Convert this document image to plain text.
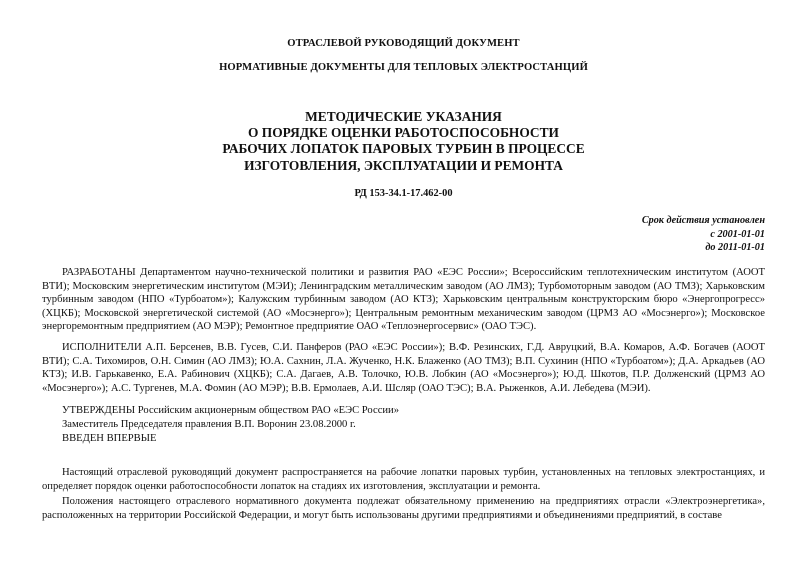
ОТРАСЛЕВОЙ РУКОВОДЯЩИЙ ДОКУМЕНТ
НОРМАТИВНЫЕ ДОКУМЕНТЫ ДЛЯ ТЕПЛОВЫХ ЭЛЕКТРОСТАНЦИЙ
МЕТОДИЧЕСКИЕ УКАЗАНИЯ
О ПОРЯДКЕ ОЦЕНКИ РАБОТОСПОСОБНОСТИ
РАБОЧИХ ЛОПАТОК ПАРОВЫХ ТУРБИН В ПРОЦЕССЕ
ИЗГОТОВЛЕНИЯ, ЭКСПЛУАТАЦИИ И РЕМОНТА
РД 153-34.1-17.462-00
Срок действия установлен
с 2001-01-01
до 2011-01-01

РАЗРАБОТАНЫ Департаментом научно-технической политики и развития РАО «ЕЭС России»; Всероссийским теплотехническим институтом (АООТ ВТИ); Московским энергетическим институтом (МЭИ); Ленинградским металлическим заводом (АО ЛМЗ); Турбомоторным заводом (АО ТМЗ); Харьковским турбинным заводом (НПО «Турбоатом»); Калужским турбинным заводом (АО КТЗ); Харьковским центральным конструкторским бюро «Энергопрогресс» (ХЦКБ); Московской энергетической системой (АО «Мосэнерго»); Центральным ремонтным механическим заводом (ЦРМЗ АО «Мосэнерго»); Московское энергоремонтным предприятием (АО МЭР); Ремонтное предприятие ОАО «Теплоэнергосервис» (ОАО ТЭС).

ИСПОЛНИТЕЛИ А.П. Берсенев, В.В. Гусев, С.И. Панферов (РАО «ЕЭС России»); В.Ф. Резинских, Г.Д. Авруцкий, В.А. Комаров, А.Ф. Богачев (АООТ ВТИ); С.А. Тихомиров, О.Н. Симин (АО ЛМЗ); Ю.А. Сахнин, Л.А. Жученко, Н.К. Блаженко (АО ТМЗ); В.П. Сухинин (НПО «Турбоатом»); Д.А. Аркадьев (АО КТЗ); И.В. Гарькавенко, Е.А. Рабинович (ХЦКБ); С.А. Дагаев, А.В. Толочко, Ю.В. Лобкин (АО «Мосэнерго»); Ю.Д. Шкотов, П.Р. Долженский (ЦРМЗ АО «Мосэнерго»); А.С. Тургенев, М.А. Фомин (АО МЭР); В.В. Ермолаев, А.И. Шсляр (ОАО ТЭС); В.А. Рыженков, А.И. Лебедева (МЭИ).

УТВЕРЖДЕНЫ Российским акционерным обществом РАО «ЕЭС России»
Заместитель Председателя правления В.П. Воронин 23.08.2000 г.
ВВЕДЕН ВПЕРВЫЕ

Настоящий отраслевой руководящий документ распространяется на рабочие лопатки паровых турбин, установленных на тепловых электростанциях, и определяет порядок оценки работоспособности лопаток на стадиях их изготовления, эксплуатации и ремонта.

Положения настоящего отраслевого нормативного документа подлежат обязательному применению на предприятиях отрасли «Электроэнергетика», расположенных на территории Российской Федерации, и могут быть использованы другими предприятиями и объединениями предприятий, в составе
